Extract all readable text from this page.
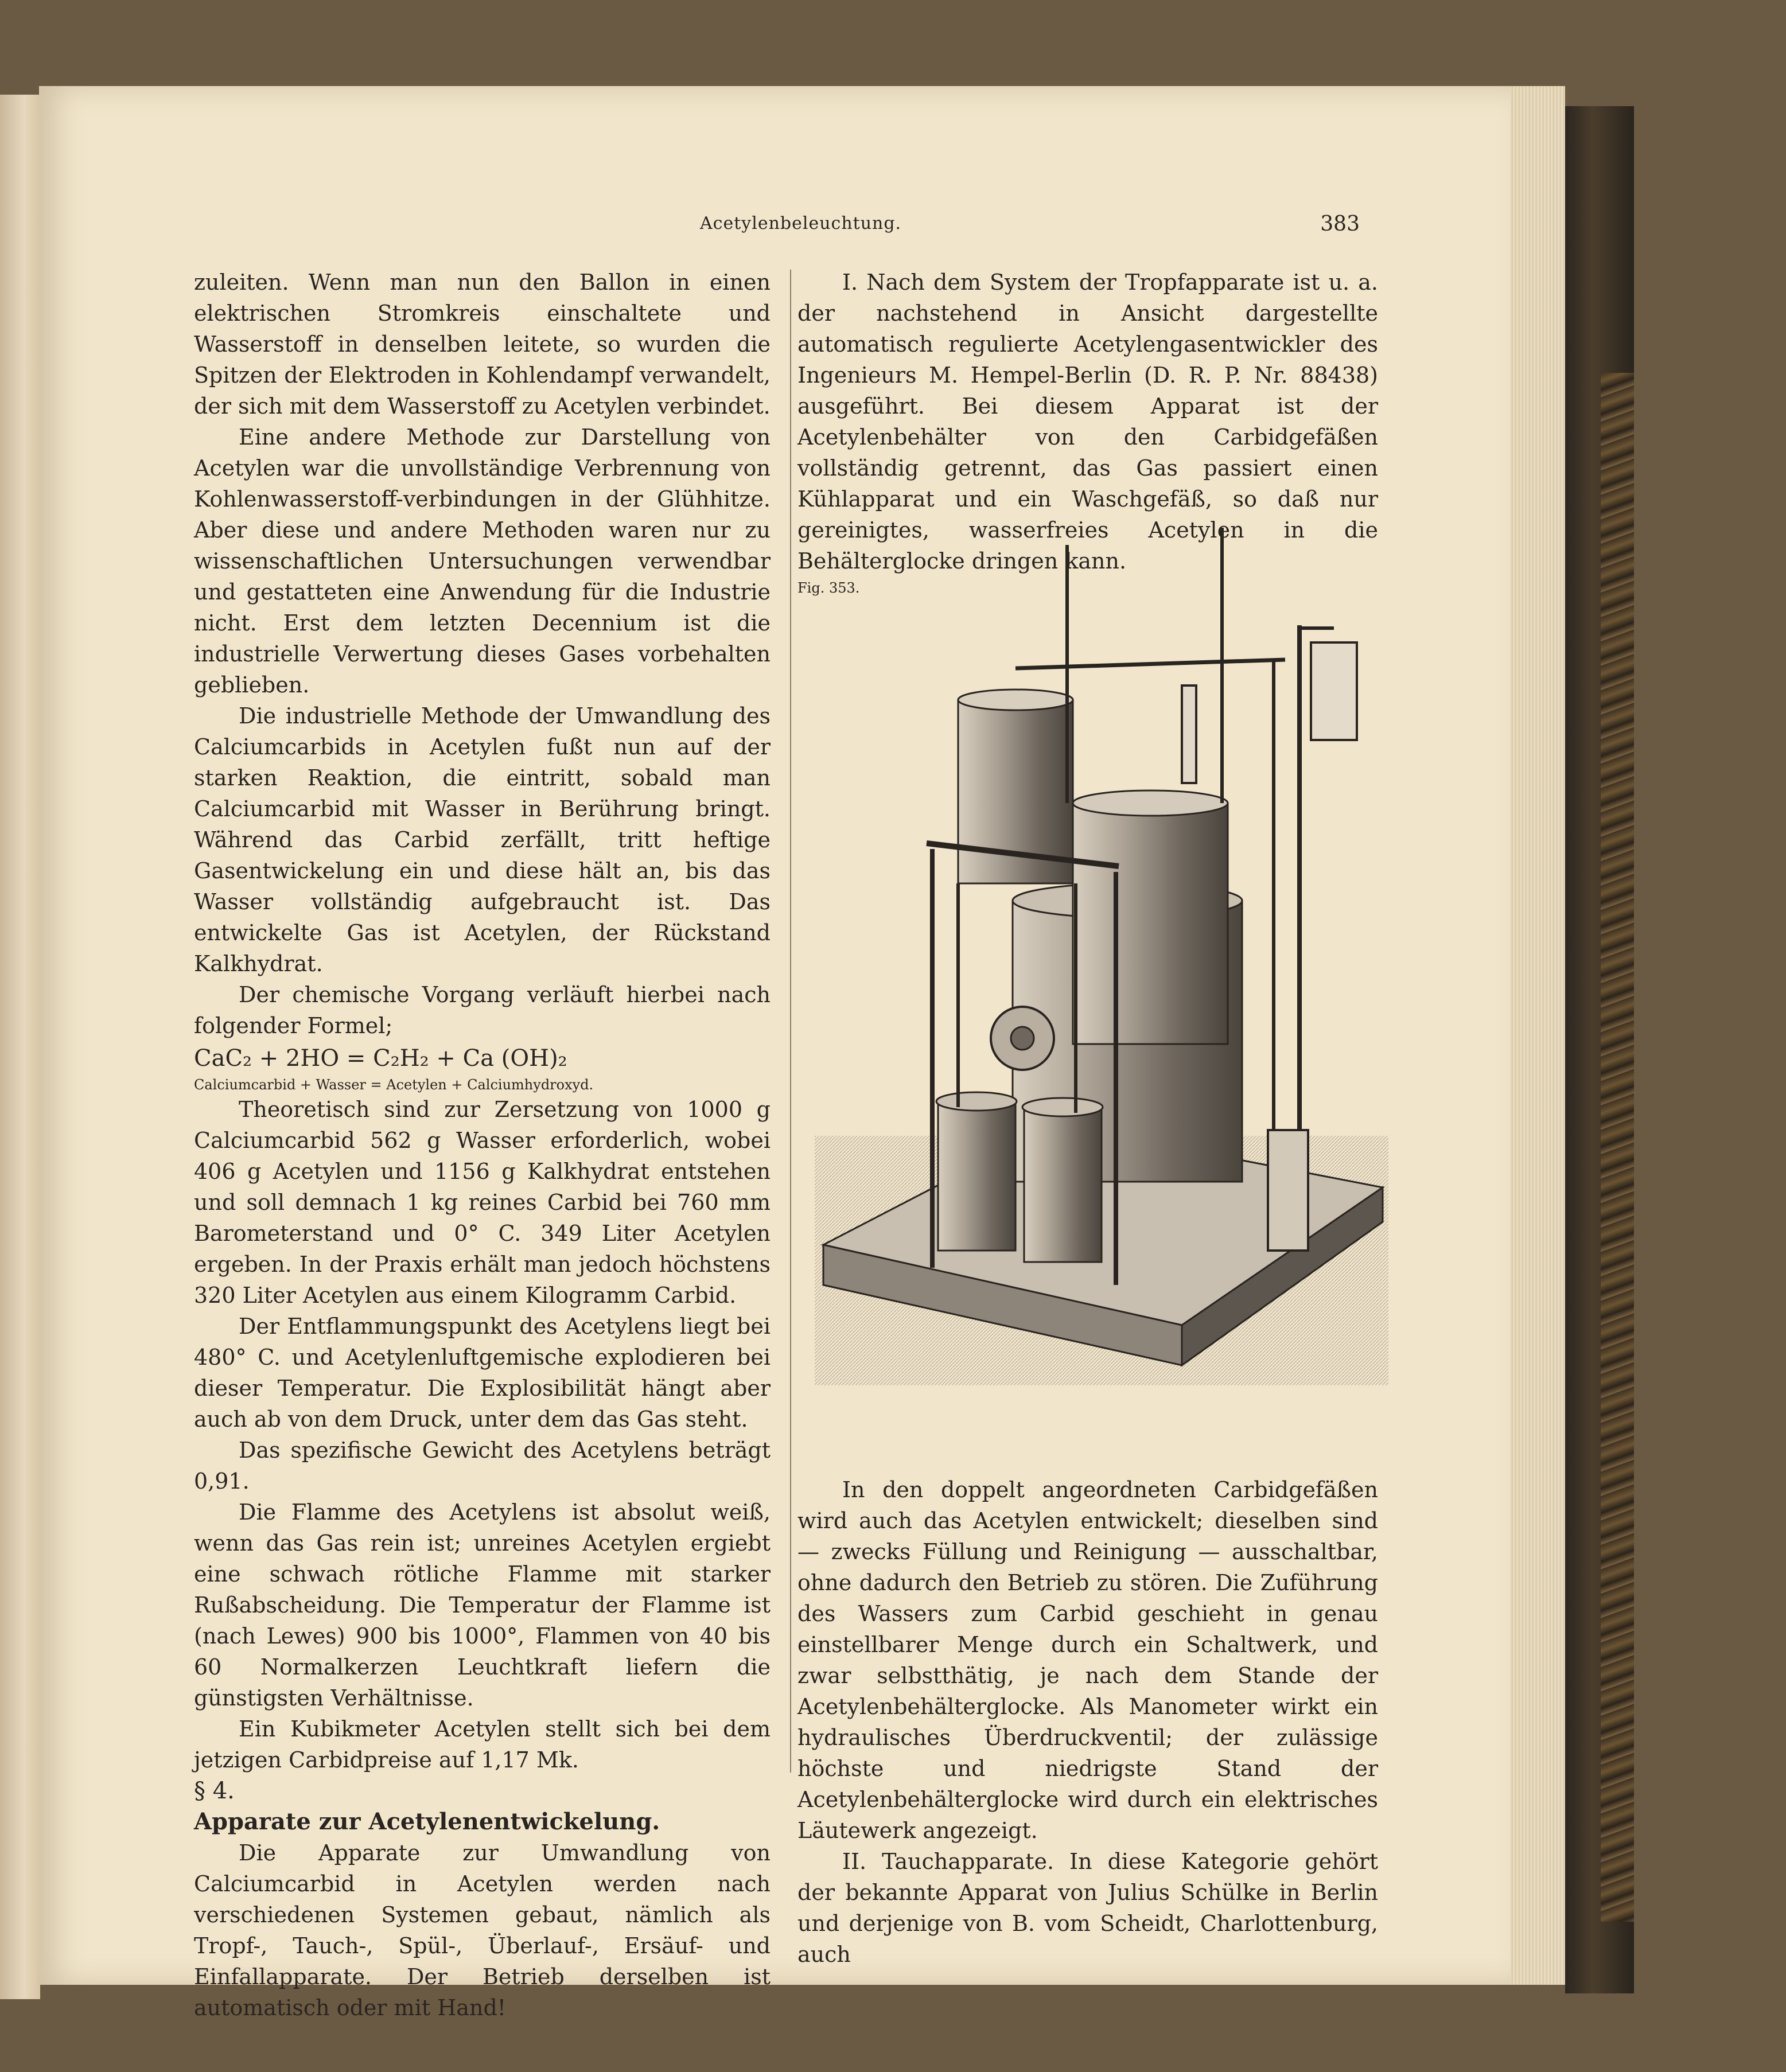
Acetylenbeleuchtung.	383

zuleiten. Wenn man nun den Ballon in einen elektrischen Stromkreis einschaltete und Wasserstoff in denselben leitete, so wurden die Spitzen der Elektroden in Kohlendampf verwandelt, der sich mit dem Wasserstoff zu Acetylen verbindet.

Eine andere Methode zur Darstellung von Acetylen war die unvollständige Verbrennung von Kohlenwasserstoff-verbindungen in der Glühhitze. Aber diese und andere Methoden waren nur zu wissenschaftlichen Untersuchungen verwendbar und gestatteten eine Anwendung für die Industrie nicht. Erst dem letzten Decennium ist die industrielle Verwertung dieses Gases vorbehalten geblieben.

Die industrielle Methode der Umwandlung des Calciumcarbids in Acetylen fußt nun auf der starken Reaktion, die eintritt, sobald man Calciumcarbid mit Wasser in Berührung bringt. Während das Carbid zerfällt, tritt heftige Gasentwickelung ein und diese hält an, bis das Wasser vollständig aufgebraucht ist. Das entwickelte Gas ist Acetylen, der Rückstand Kalkhydrat.

Der chemische Vorgang verläuft hierbei nach folgender Formel;

CaC₂ + 2HO = C₂H₂ + Ca (OH)₂

Calciumcarbid + Wasser = Acetylen + Calciumhydroxyd.

Theoretisch sind zur Zersetzung von 1000 g Calciumcarbid 562 g Wasser erforderlich, wobei 406 g Acetylen und 1156 g Kalkhydrat entstehen und soll demnach 1 kg reines Carbid bei 760 mm Barometerstand und 0° C. 349 Liter Acetylen ergeben. In der Praxis erhält man jedoch höchstens 320 Liter Acetylen aus einem Kilogramm Carbid.

Der Entflammungspunkt des Acetylens liegt bei 480° C. und Acetylenluftgemische explodieren bei dieser Temperatur. Die Explosibilität hängt aber auch ab von dem Druck, unter dem das Gas steht.

Das spezifische Gewicht des Acetylens beträgt 0,91.

Die Flamme des Acetylens ist absolut weiß, wenn das Gas rein ist; unreines Acetylen ergiebt eine schwach rötliche Flamme mit starker Rußabscheidung. Die Temperatur der Flamme ist (nach Lewes) 900 bis 1000°, Flammen von 40 bis 60 Normalkerzen Leuchtkraft liefern die günstigsten Verhältnisse.

Ein Kubikmeter Acetylen stellt sich bei dem jetzigen Carbidpreise auf 1,17 Mk.

§ 4.

Apparate zur Acetylenentwickelung.

Die Apparate zur Umwandlung von Calciumcarbid in Acetylen werden nach verschiedenen Systemen gebaut, nämlich als Tropf-, Tauch-, Spül-, Überlauf-, Ersäuf- und Einfallapparate. Der Betrieb derselben ist automatisch oder mit Hand!

I. Nach dem System der Tropfapparate ist u. a. der nachstehend in Ansicht dargestellte automatisch regulierte Acetylengasentwickler des Ingenieurs M. Hempel-Berlin (D. R. P. Nr. 88438) ausgeführt. Bei diesem Apparat ist der Acetylenbehälter von den Carbidgefäßen vollständig getrennt, das Gas passiert einen Kühlapparat und ein Waschgefäß, so daß nur gereinigtes, wasserfreies Acetylen in die Behälterglocke dringen kann.

Fig. 353.

In den doppelt angeordneten Carbidgefäßen wird auch das Acetylen entwickelt; dieselben sind — zwecks Füllung und Reinigung — ausschaltbar, ohne dadurch den Betrieb zu stören. Die Zuführung des Wassers zum Carbid geschieht in genau einstellbarer Menge durch ein Schaltwerk, und zwar selbstthätig, je nach dem Stande der Acetylenbehälterglocke. Als Manometer wirkt ein hydraulisches Überdruckventil; der zulässige höchste und niedrigste Stand der Acetylenbehälterglocke wird durch ein elektrisches Läutewerk angezeigt.

II. Tauchapparate. In diese Kategorie gehört der bekannte Apparat von Julius Schülke in Berlin und derjenige von B. vom Scheidt, Charlottenburg, auch
